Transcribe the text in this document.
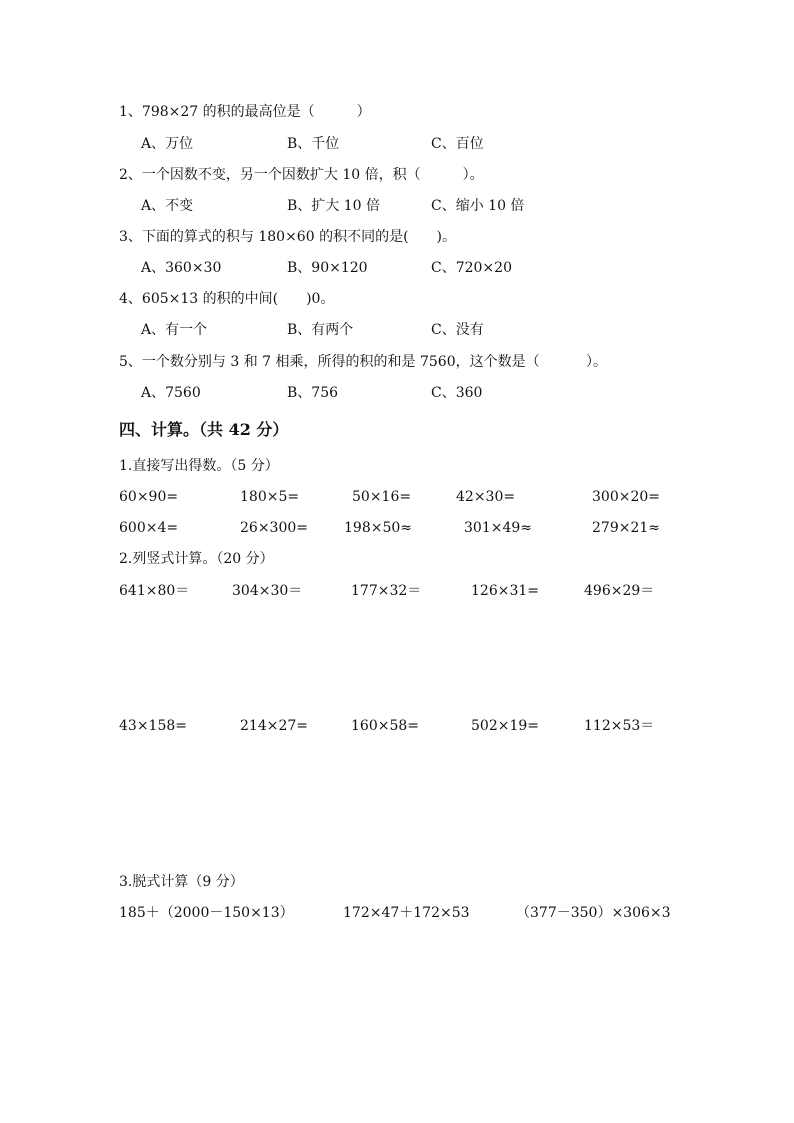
1、798×27 的积的最高位是（　　　）
A、万位	B、千位	C、百位
2、一个因数不变，另一个因数扩大 10 倍，积（　　　）。
A、不变	B、扩大 10 倍	C、缩小 10 倍
3、下面的算式的积与 180×60 的积不同的是(　　)。
A、360×30	B、90×120	C、720×20
4、605×13 的积的中间(　　)0。
A、有一个	B、有两个	C、没有
5、一个数分别与 3 和 7 相乘，所得的积的和是 7560，这个数是（　　　 ）。
A、7560	B、756	C、360
四、计算。（共 42 分）
1.直接写出得数。（5 分）
60×90=	180×5=	50×16=	42×30=	300×20=
600×4=	26×300=	198×50≈	301×49≈	279×21≈
2.列竖式计算。（20 分）
641×80＝	304×30＝	177×32＝	126×31=	496×29＝
43×158=	214×27=	160×58=	502×19=	112×53＝
3.脱式计算（9 分）
185＋（2000－150×13）	172×47＋172×53	（377－350）×306×3
